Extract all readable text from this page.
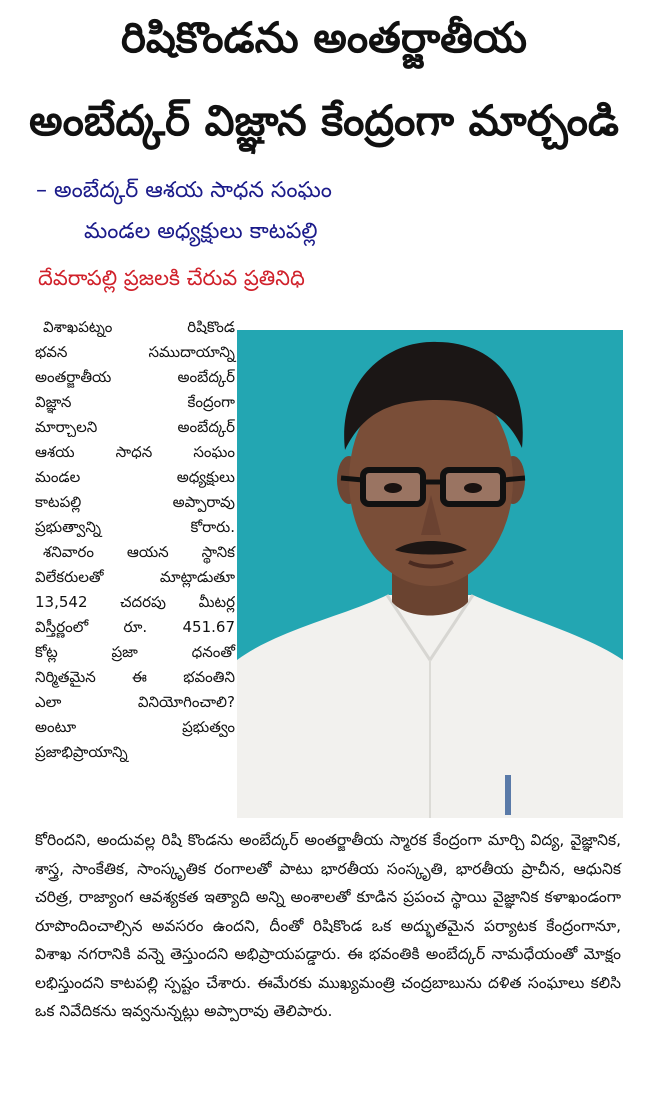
రిషికొండను అంతర్జాతీయ
అంబేద్కర్ విజ్ఞాన కేంద్రంగా మార్చండి
– అంబేద్కర్ ఆశయ సాధన సంఘం
మండల అధ్యక్షులు కాటపల్లి
దేవరాపల్లి ప్రజలకి చేరువ ప్రతినిధి

విశాఖపట్నం రిషికొండ

భవన సముదాయాన్ని

అంతర్జాతీయ అంబేద్కర్

విజ్ఞాన కేంద్రంగా

మార్చాలని అంబేద్కర్

ఆశయ సాధన సంఘం

మండల అధ్యక్షులు

కాటపల్లి అప్పారావు

ప్రభుత్వాన్ని కోరారు.

శనివారం ఆయన స్థానిక

విలేకరులతో మాట్లాడుతూ

13,542 చదరపు మీటర్ల

విస్తీర్ణంలో రూ. 451.67

కోట్ల ప్రజా ధనంతో

నిర్మితమైన ఈ భవంతిని

ఎలా వినియోగించాలి?

అంటూ ప్రభుత్వం

ప్రజాభిప్రాయాన్ని

కోరిందని, అందువల్ల రిషి కొండను అంబేద్కర్ అంతర్జాతీయ స్మారక కేంద్రంగా మార్చి విద్య, వైజ్ఞానిక, శాస్త్ర, సాంకేతిక, సాంస్కృతిక రంగాలతో పాటు భారతీయ సంస్కృతి, భారతీయ ప్రాచీన, ఆధునిక చరిత్ర, రాజ్యాంగ ఆవశ్యకత ఇత్యాది అన్ని అంశాలతో కూడిన ప్రపంచ స్థాయి వైజ్ఞానిక కళాఖండంగా రూపొందించాల్సిన అవసరం ఉందని, దీంతో రిషికొండ ఒక అద్భుతమైన పర్యాటక కేంద్రంగానూ, విశాఖ నగరానికి వన్నె తెస్తుందని అభిప్రాయపడ్డారు. ఈ భవంతికి అంబేద్కర్ నామధేయంతో మోక్షం లభిస్తుందని కాటపల్లి స్పష్టం చేశారు. ఈమేరకు ముఖ్యమంత్రి చంద్రబాబును దళిత సంఘాలు కలిసి ఒక నివేదికను ఇవ్వనున్నట్లు అప్పారావు తెలిపారు.
